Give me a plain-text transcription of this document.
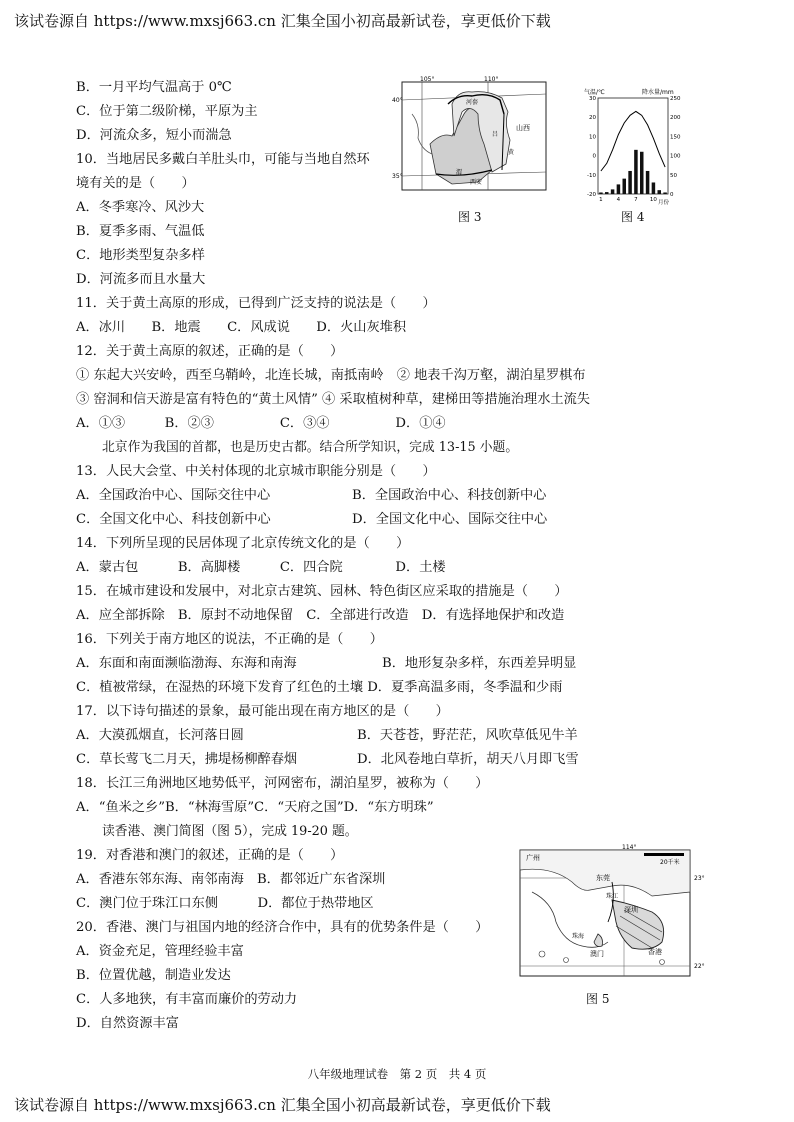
该试卷源自 https://www.mxsj663.cn 汇集全国小初高最新试卷，享更低价下载
该试卷源自 https://www.mxsj663.cn 汇集全国小初高最新试卷，享更低价下载
B．一月平均气温高于 0℃
C．位于第二级阶梯，平原为主
D．河流众多，短小而湍急
10．当地居民多戴白羊肚头巾，可能与当地自然环
境有关的是（　　）
A．冬季寒冷、风沙大
B．夏季多雨、气温低
C．地形类型复杂多样
D．河流多而且水量大
105°	110°
40°
35°
河套
山西
吕
黄
渭
西安
图 3
气温/℃	降水量/mm
30
20
10
0
-10
-20
250
200
150
100
50
0
1	4	7 10 月份
图 4
11．关于黄土高原的形成，已得到广泛支持的说法是（　　）
A．冰川　　B．地震　　C．风成说　　D．火山灰堆积
12．关于黄土高原的叙述，正确的是（　　）
① 东起大兴安岭，西至乌鞘岭，北连长城，南抵南岭　② 地表千沟万壑，湖泊星罗棋布
③ 窑洞和信天游是富有特色的“黄土风情” ④ 采取植树种草，建梯田等措施治理水土流失
A．①③　　　B．②③　　　　　C．③④　　　　　D．①④
北京作为我国的首都，也是历史古都。结合所学知识，完成 13-15 小题。
13．人民大会堂、中关村体现的北京城市职能分别是（　　）
A．全国政治中心、国际交往中心	B．全国政治中心、科技创新中心
C．全国文化中心、科技创新中心	D．全国文化中心、国际交往中心
14．下列所呈现的民居体现了北京传统文化的是（　　）
A．蒙古包　　　B．高脚楼　　　C．四合院　　　　D．土楼
15．在城市建设和发展中，对北京古建筑、园林、特色街区应采取的措施是（　　）
A．应全部拆除　B．原封不动地保留　C．全部进行改造　D．有选择地保护和改造
16．下列关于南方地区的说法，不正确的是（　　）
A．东面和南面濒临渤海、东海和南海	B．地形复杂多样，东西差异明显
C．植被常绿，在湿热的环境下发育了红色的土壤 D．夏季高温多雨，冬季温和少雨
17．以下诗句描述的景象，最可能出现在南方地区的是（　　）
A．大漠孤烟直，长河落日圆	B．天苍苍，野茫茫，风吹草低见牛羊
C．草长莺飞二月天，拂堤杨柳醉春烟	D．北风卷地白草折，胡天八月即飞雪
18．长江三角洲地区地势低平，河网密布，湖泊星罗，被称为（　　）
A．“鱼米之乡”B．“林海雪原”C．“天府之国”D．“东方明珠”
读香港、澳门简图（图 5），完成 19-20 题。
19．对香港和澳门的叙述，正确的是（　　）
A．香港东邻东海、南邻南海　B．都邻近广东省深圳
C．澳门位于珠江口东侧　　　D．都位于热带地区
20．香港、澳门与祖国内地的经济合作中，具有的优势条件是（　　）
A．资金充足，管理经验丰富
B．位置优越，制造业发达
C．人多地狭，有丰富而廉价的劳动力
D．自然资源丰富
114°
23°
22°
20千米
广州
东莞
深圳
香港
澳门
珠海
珠江
图 5
八年级地理试卷　第 2 页　共 4 页
